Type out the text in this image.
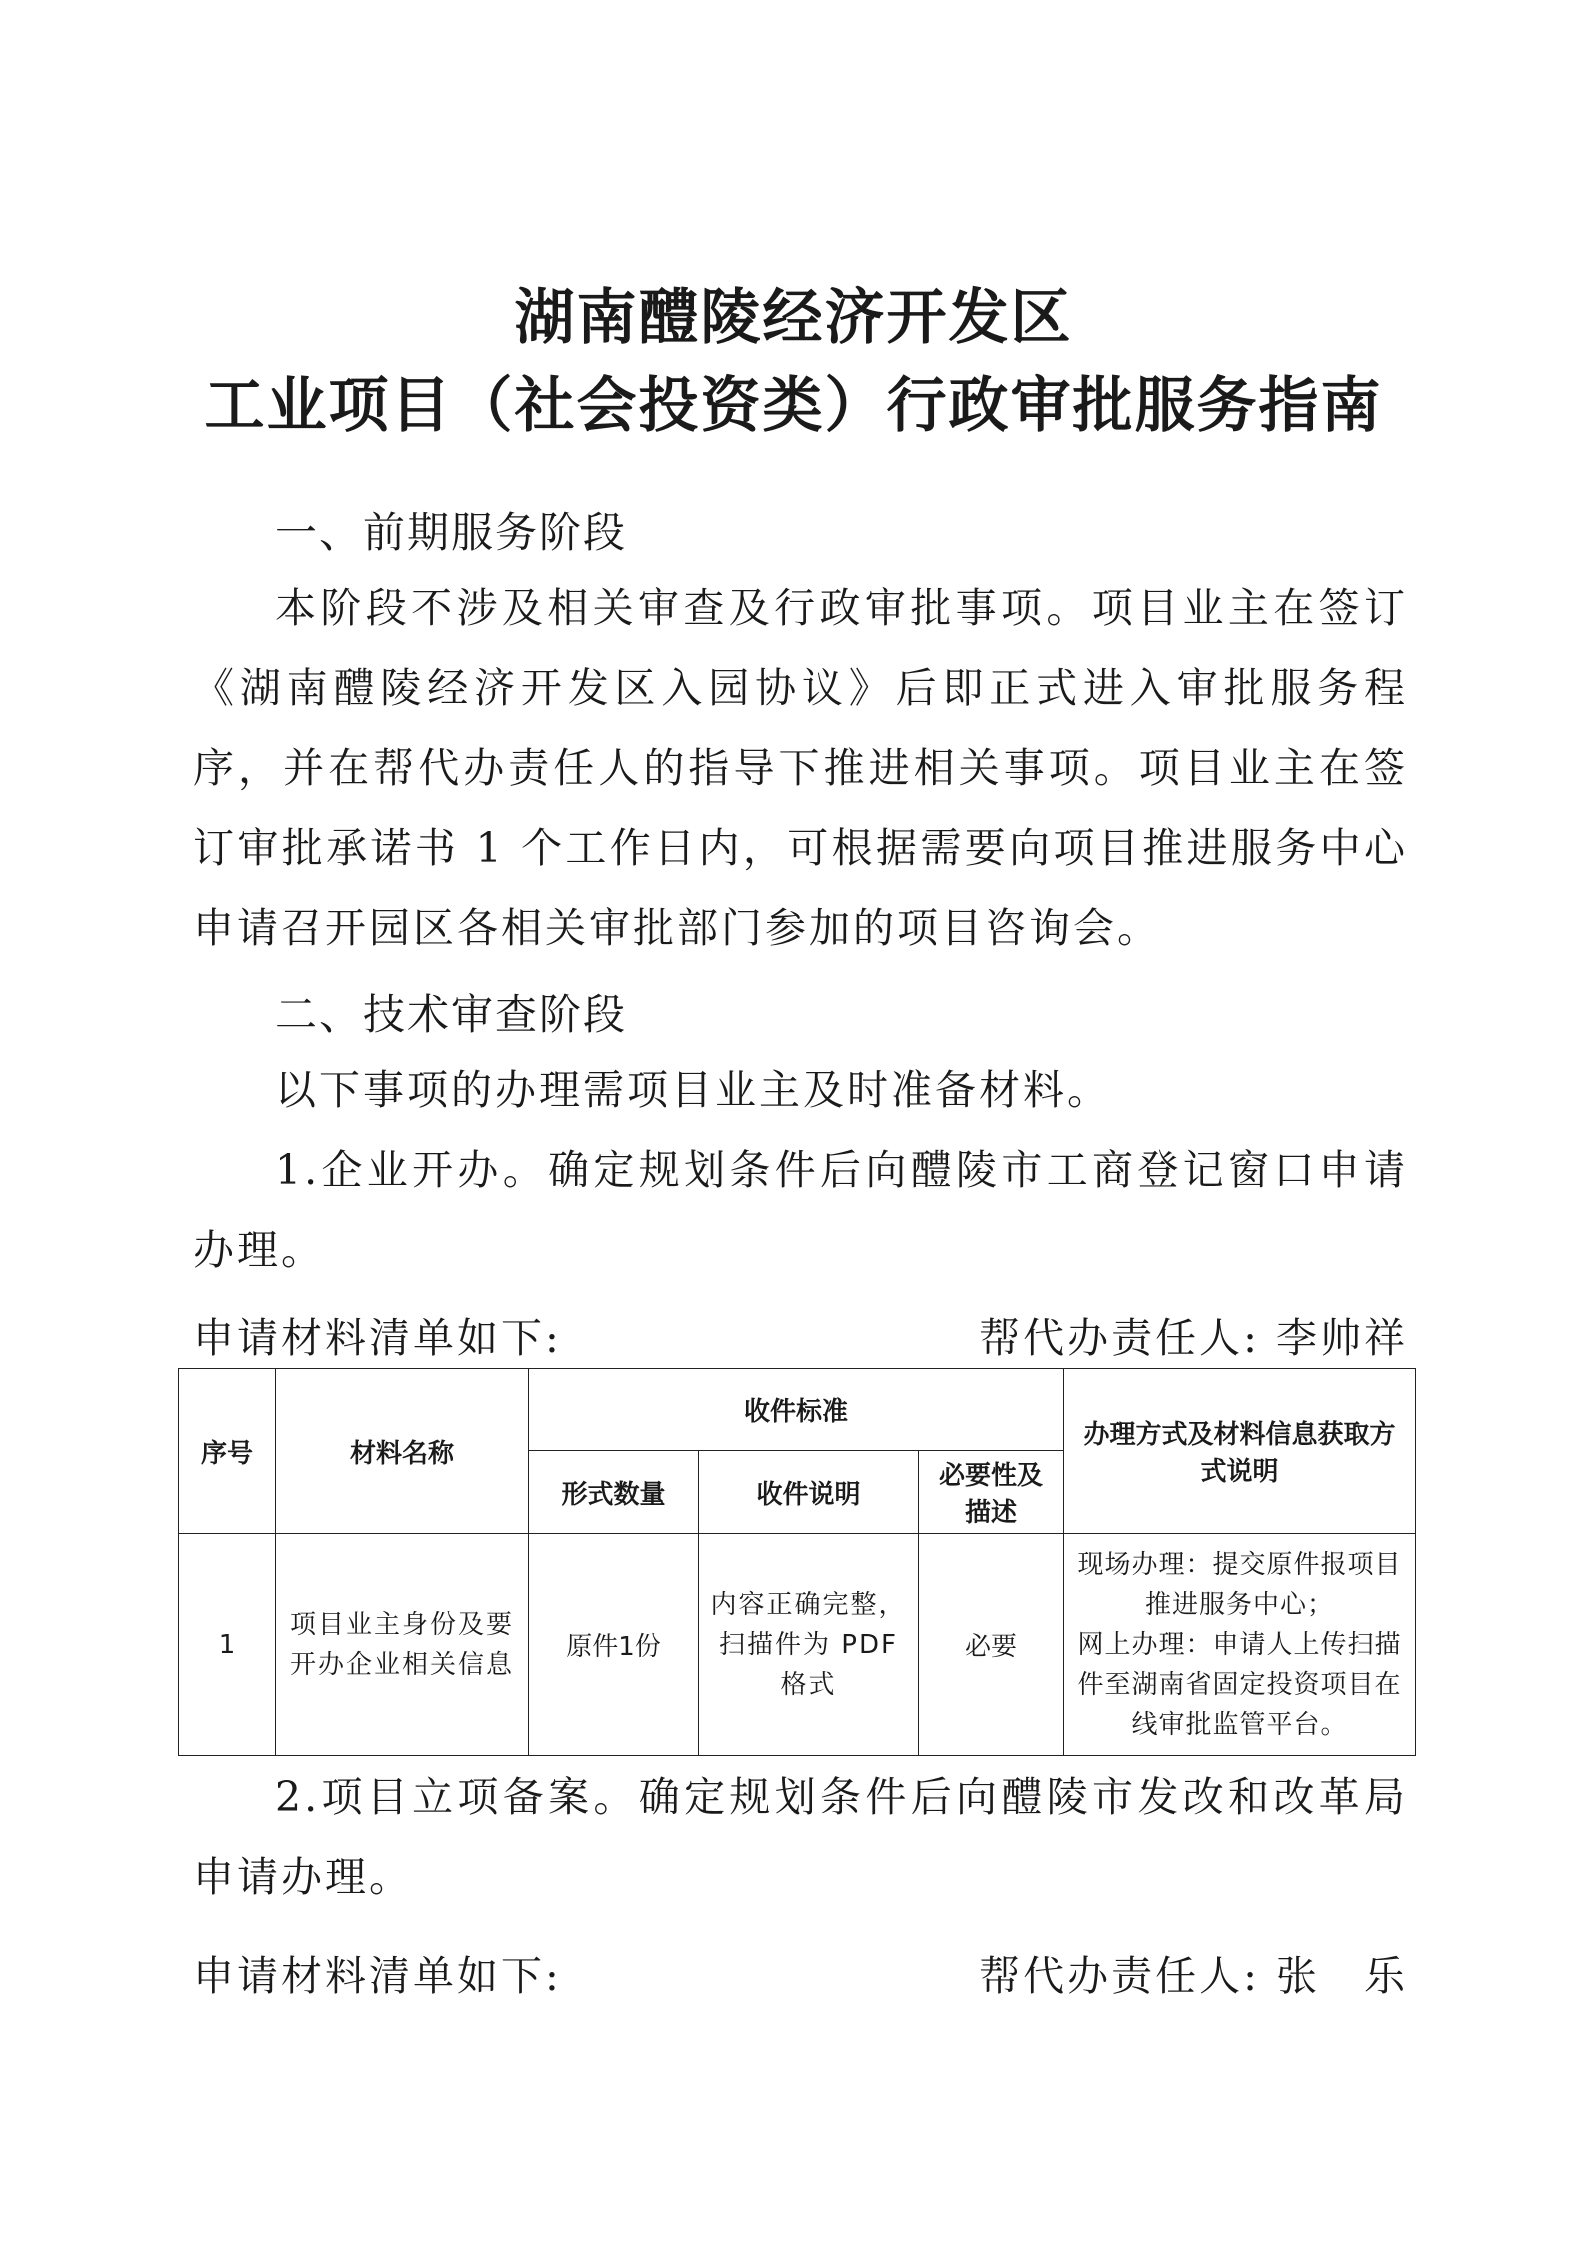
湖南醴陵经济开发区
工业项目（社会投资类）行政审批服务指南
一、前期服务阶段
本阶段不涉及相关审查及行政审批事项。项目业主在签订《湖南醴陵经济开发区入园协议》后即正式进入审批服务程序，并在帮代办责任人的指导下推进相关事项。项目业主在签订审批承诺书 1 个工作日内，可根据需要向项目推进服务中心申请召开园区各相关审批部门参加的项目咨询会。
二、技术审查阶段
以下事项的办理需项目业主及时准备材料。
1.企业开办。确定规划条件后向醴陵市工商登记窗口申请办理。
申请材料清单如下:	帮代办责任人: 李帅祥
序号	材料名称	收件标准			办理方式及材料信息获取方式说明
		形式数量	收件说明	必要性及描述	
1	项目业主身份及要开办企业相关信息	原件1份	内容正确完整，扫描件为 PDF 格式	必要	现场办理：提交原件报项目推进服务中心；
网上办理：申请人上传扫描件至湖南省固定投资项目在线审批监管平台。
2.项目立项备案。确定规划条件后向醴陵市发改和改革局申请办理。
申请材料清单如下:	帮代办责任人: 张　乐
